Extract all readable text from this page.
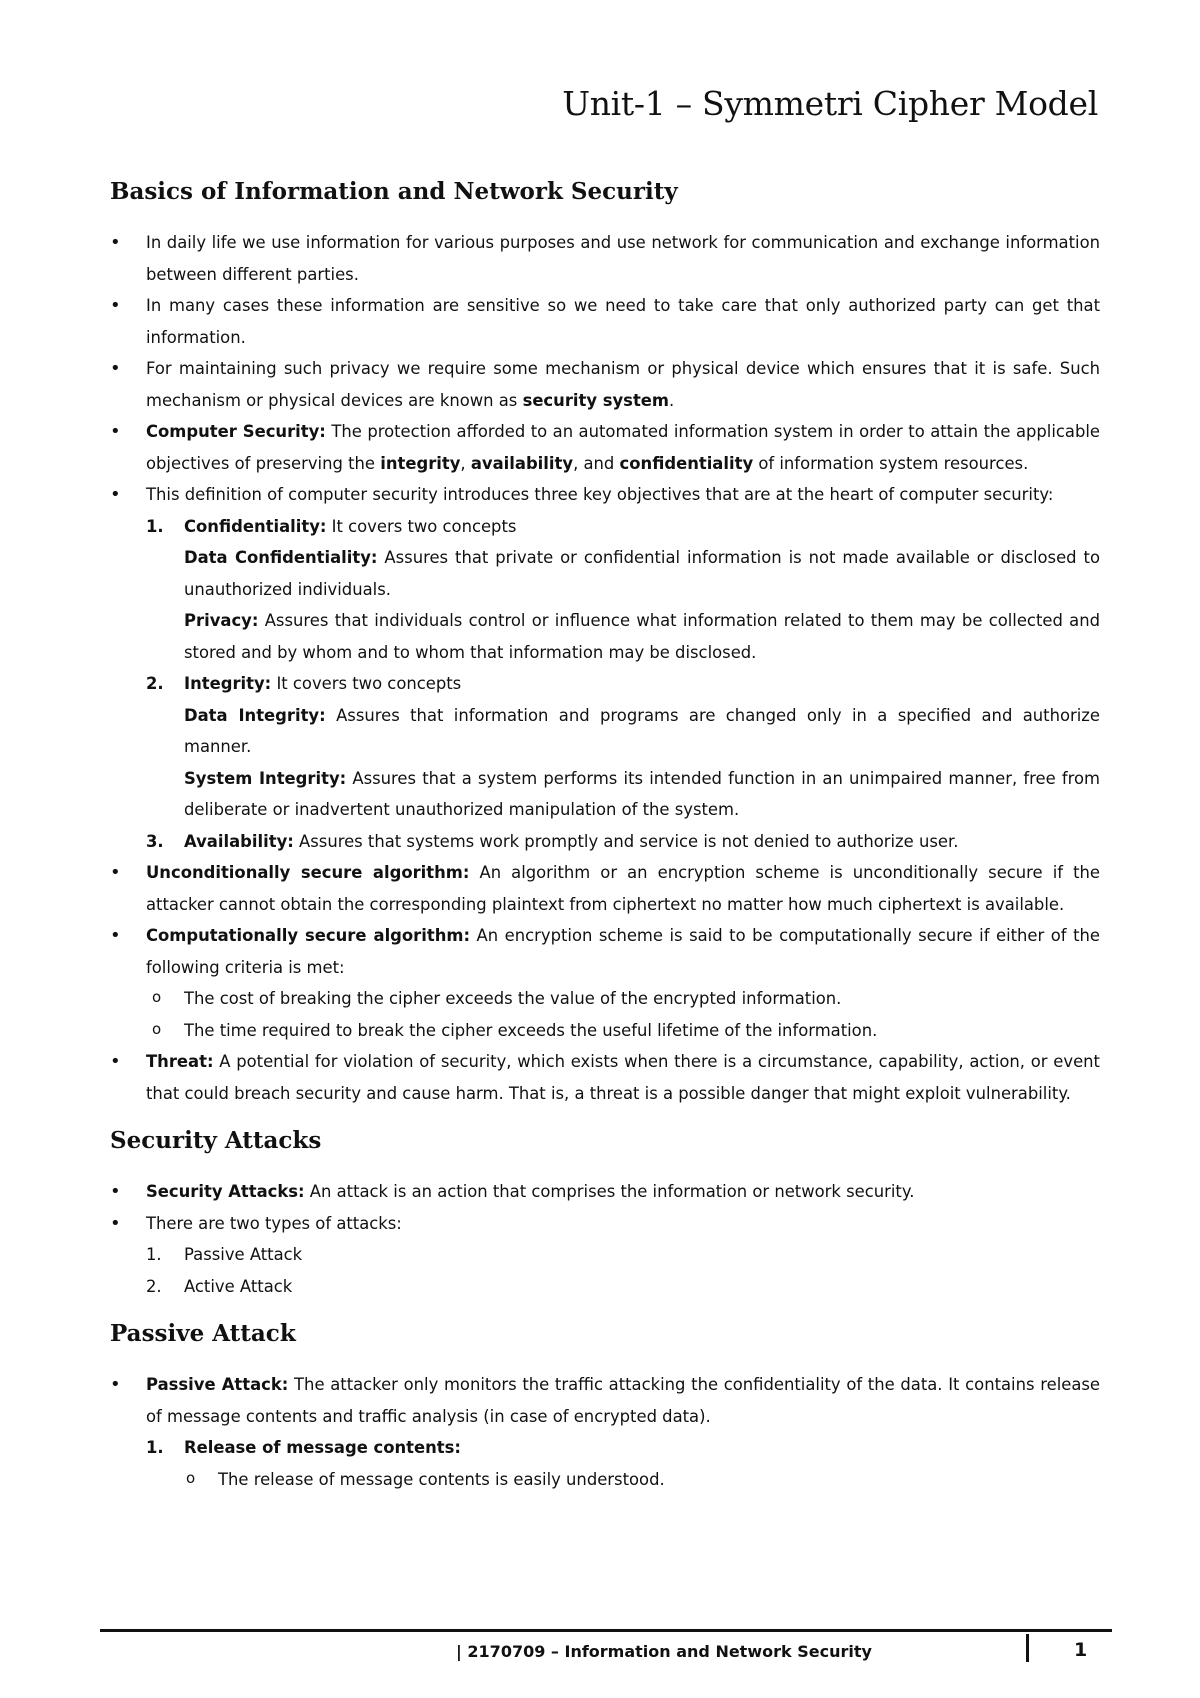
Unit-1 – Symmetri Cipher Model
Basics of Information and Network Security

• In daily life we use information for various purposes and use network for communication and exchange information between different parties.

• In many cases these information are sensitive so we need to take care that only authorized party can get that information.

• For maintaining such privacy we require some mechanism or physical device which ensures that it is safe. Such mechanism or physical devices are known as security system.

• Computer Security: The protection afforded to an automated information system in order to attain the applicable objectives of preserving the integrity, availability, and confidentiality of information system resources.

• This definition of computer security introduces three key objectives that are at the heart of computer security:

1. Confidentiality: It covers two concepts

Data Confidentiality: Assures that private or confidential information is not made available or disclosed to unauthorized individuals.

Privacy: Assures that individuals control or influence what information related to them may be collected and stored and by whom and to whom that information may be disclosed.

2. Integrity: It covers two concepts

Data Integrity: Assures that information and programs are changed only in a specified and authorize manner.

System Integrity: Assures that a system performs its intended function in an unimpaired manner, free from deliberate or inadvertent unauthorized manipulation of the system.

3. Availability: Assures that systems work promptly and service is not denied to authorize user.

• Unconditionally secure algorithm: An algorithm or an encryption scheme is unconditionally secure if the attacker cannot obtain the corresponding plaintext from ciphertext no matter how much ciphertext is available.

• Computationally secure algorithm: An encryption scheme is said to be computationally secure if either of the following criteria is met:

o The cost of breaking the cipher exceeds the value of the encrypted information.

o The time required to break the cipher exceeds the useful lifetime of the information.

• Threat: A potential for violation of security, which exists when there is a circumstance, capability, action, or event that could breach security and cause harm. That is, a threat is a possible danger that might exploit vulnerability.

Security Attacks

• Security Attacks: An attack is an action that comprises the information or network security.

• There are two types of attacks:

1. Passive Attack

2. Active Attack

Passive Attack

• Passive Attack: The attacker only monitors the traffic attacking the confidentiality of the data. It contains release of message contents and traffic analysis (in case of encrypted data).

1. Release of message contents:

o The release of message contents is easily understood.

| 2170709 – Information and Network Security	1
